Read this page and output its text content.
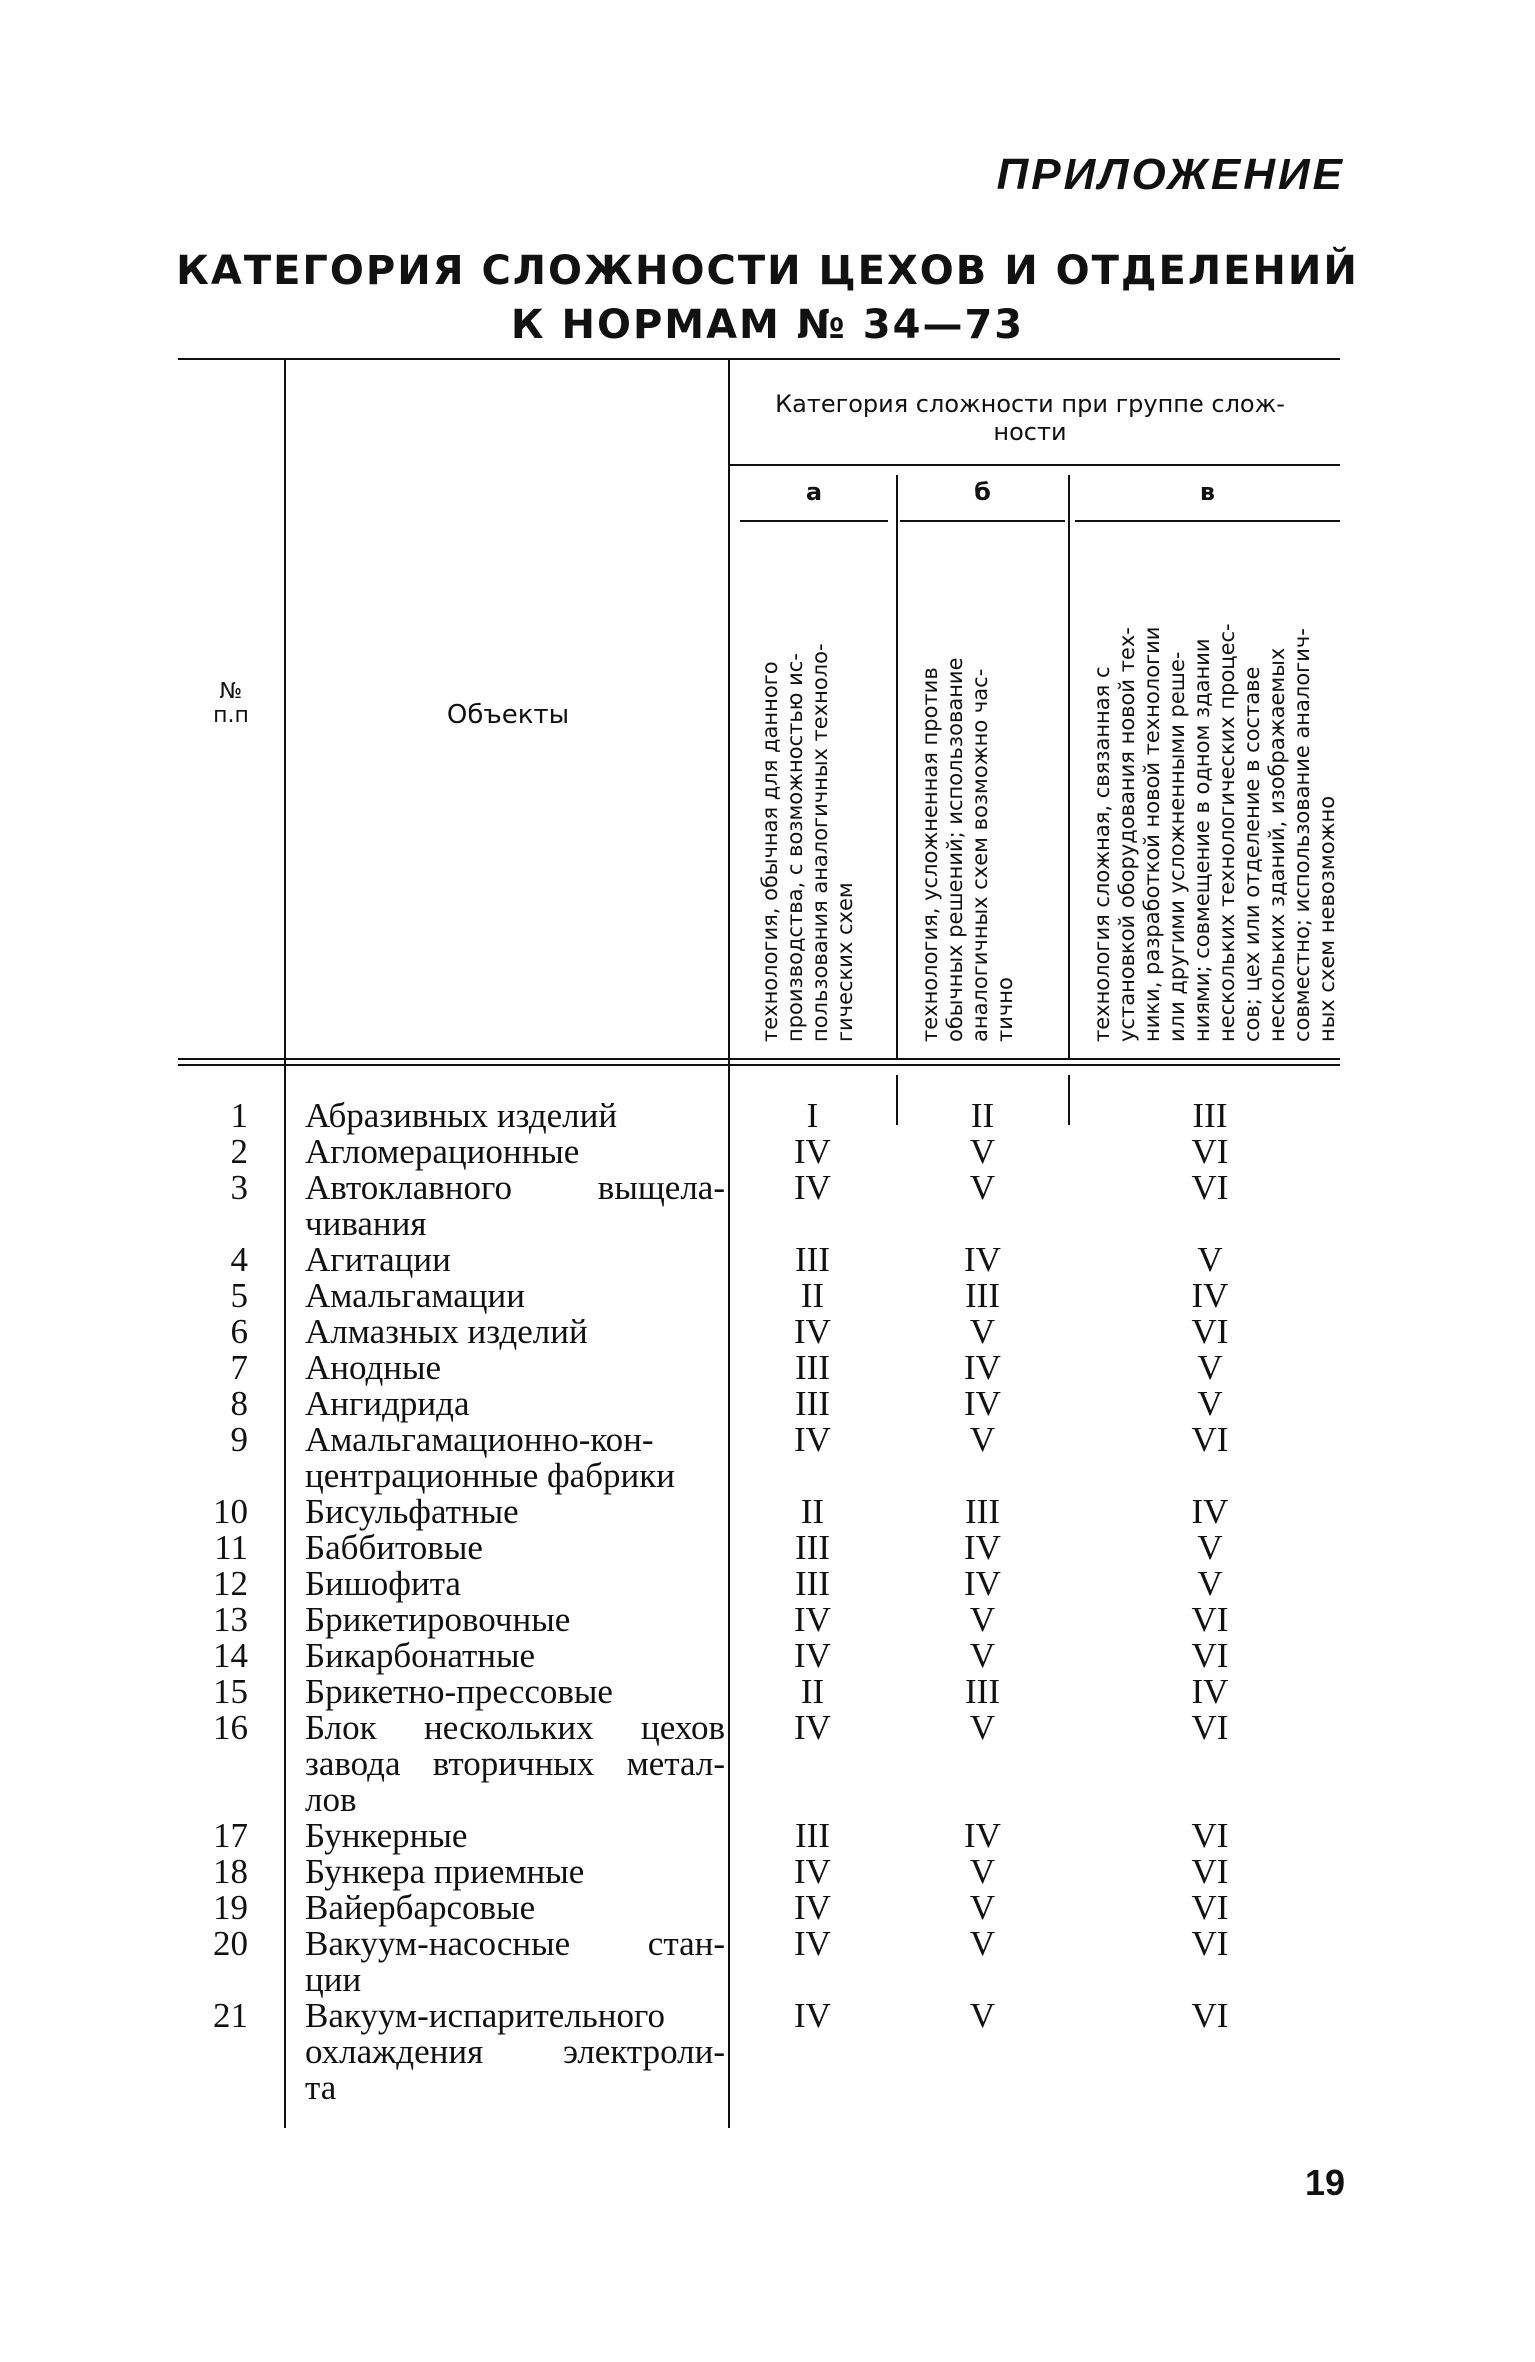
ПРИЛОЖЕНИЕ
КАТЕГОРИЯ СЛОЖНОСТИ ЦЕХОВ И ОТДЕЛЕНИЙ
К НОРМАМ № 34—73
№
п.п	Объекты
Категория сложности при группе слож-
ности
а	б	в
технология, обычная для данного производства, с возможностью ис- пользования аналогичных техноло- гических схем	технология, усложненная против обычных решений; использование аналогичных схем возможно час- тично	технология сложная, связанная с установкой оборудования новой тех- ники, разработкой новой технологии или другими усложненными реше- ниями; совмещение в одном здании нескольких технологических процес- сов; цех или отделение в составе нескольких зданий, изображаемых совместно; использование аналогич- ных схем невозможно
1 Абразивных изделий	I	II	III
2 Агломерационные	IV	V	VI
3 Автоклавного выщела-
чивания
IV	V	VI
4 Агитации	III	IV	V
5 Амальгамации	II	III	IV
6 Алмазных изделий	IV	V	VI
7 Анодные	III	IV	V
8 Ангидрида	III	IV	V
9 Амальгамационно-кон-
центрационные фабрики
IV	V	VI
10 Бисульфатные	II	III	IV
11 Баббитовые	III	IV	V
12 Бишофита	III	IV	V
13 Брикетировочные	IV	V	VI
14 Бикарбонатные	IV	V	VI
15 Брикетно-прессовые	II	III	IV
16 Блок нескольких цехов
завода вторичных метал-
лов
IV	V	VI
17 Бункерные	III	IV	VI
18 Бункера приемные	IV	V	VI
19 Вайербарсовые	IV	V	VI
20 Вакуум-насосные стан-
ции
IV	V	VI
21 Вакуум-испарительного
охлаждения электроли-
та
IV	V	VI
19
